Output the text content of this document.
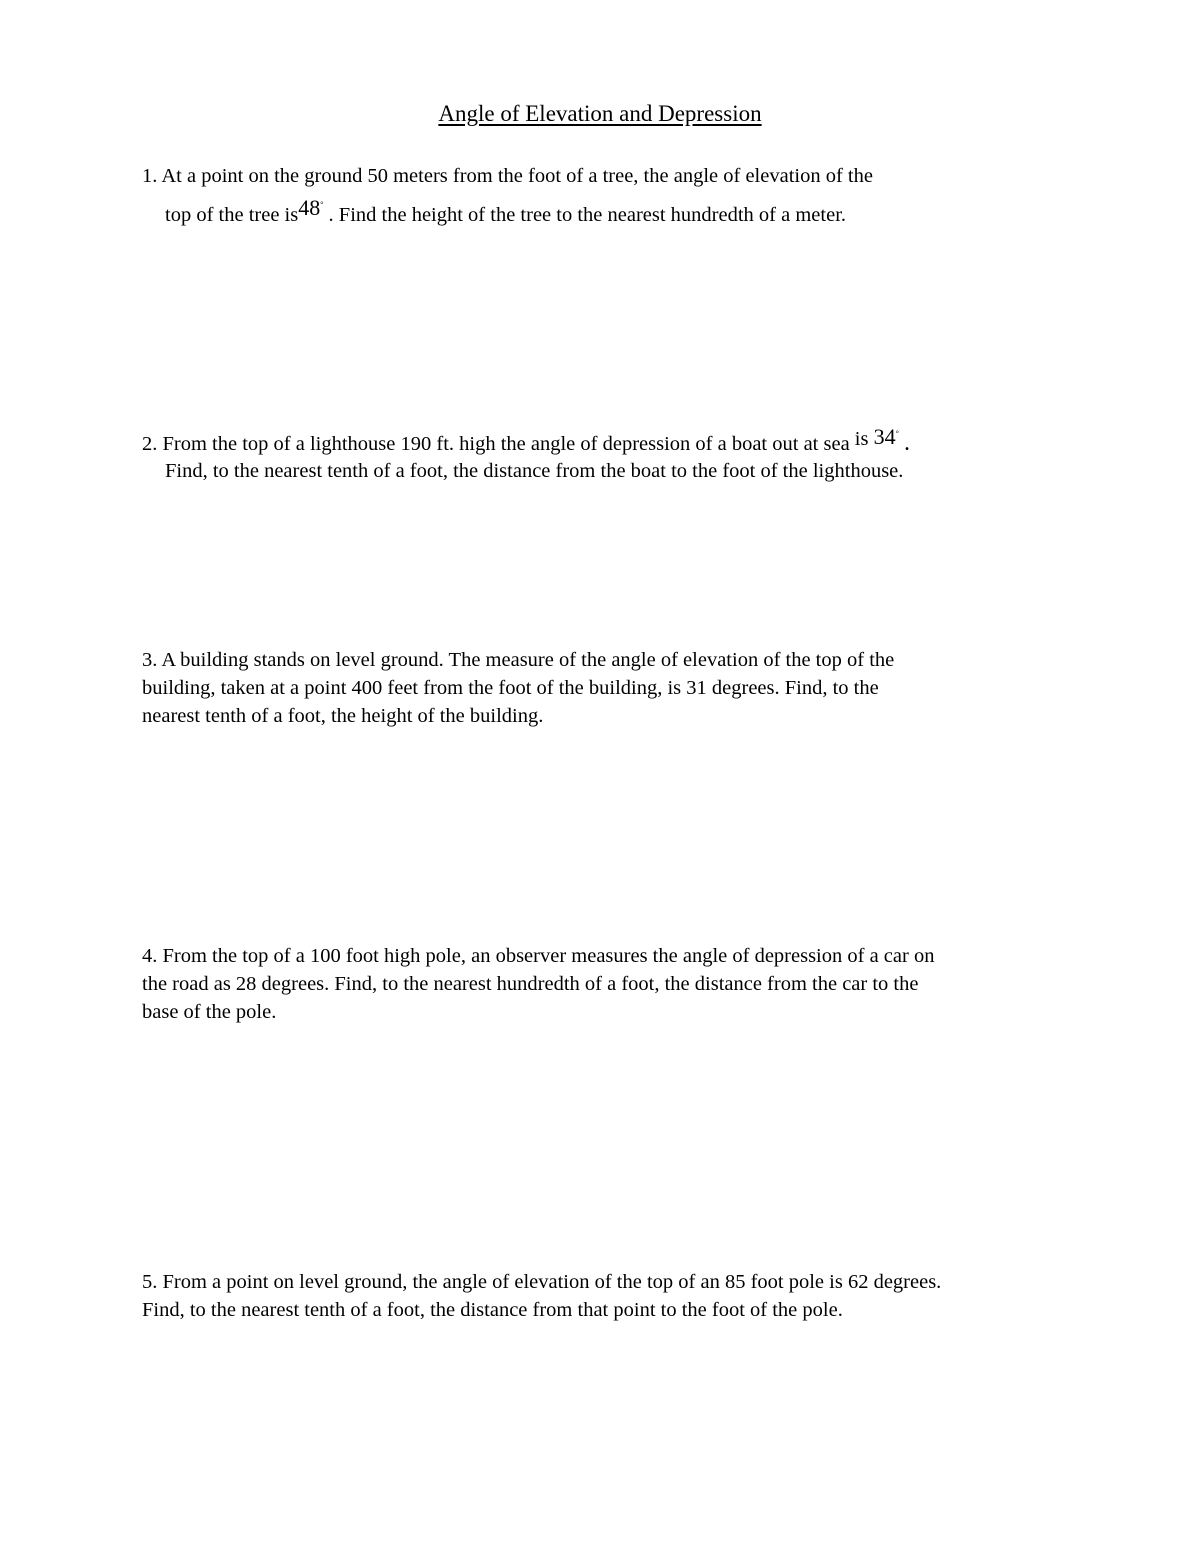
Angle of Elevation and Depression
1. At a point on the ground 50 meters from the foot of a tree, the angle of elevation of the
top of the tree is48° . Find the height of the tree to the nearest hundredth of a meter.
2. From the top of a lighthouse 190 ft. high the angle of depression of a boat out at sea is 34° .
Find, to the nearest tenth of a foot, the distance from the boat to the foot of the lighthouse.
3. A building stands on level ground. The measure of the angle of elevation of the top of the
building, taken at a point 400 feet from the foot of the building, is 31 degrees. Find, to the
nearest tenth of a foot, the height of the building.
4. From the top of a 100 foot high pole, an observer measures the angle of depression of a car on
the road as 28 degrees. Find, to the nearest hundredth of a foot, the distance from the car to the
base of the pole.
5. From a point on level ground, the angle of elevation of the top of an 85 foot pole is 62 degrees.
Find, to the nearest tenth of a foot, the distance from that point to the foot of the pole.
